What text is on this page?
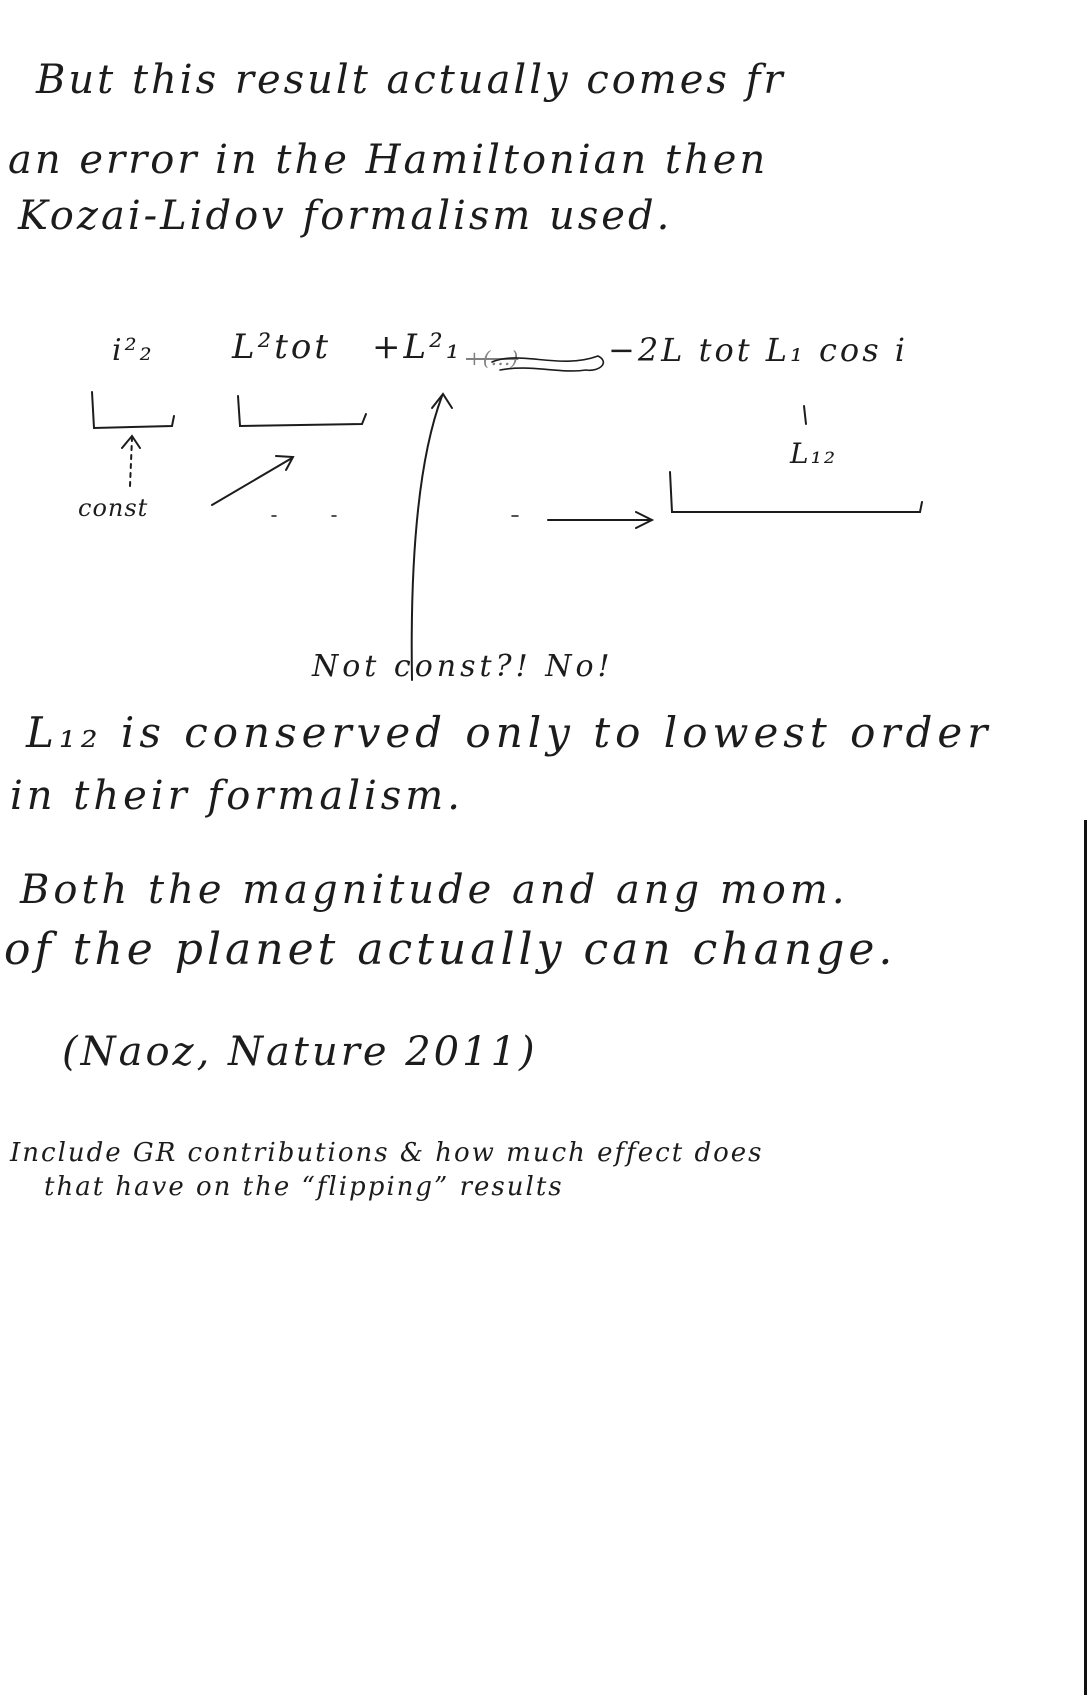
But this result actually comes fr
an error in the Hamiltonian then
Kozai-Lidov formalism used.
i²₂ L²tot +L²₁ +(…)	−2L tot L₁ cos i
L₁₂
const
Not const?! No!
L₁₂ is conserved only to lowest order
in their formalism.
Both the magnitude and ang mom.
of the planet actually can change.
(Naoz, Nature 2011)
Include GR contributions & how much effect does
that have on the “flipping” results
